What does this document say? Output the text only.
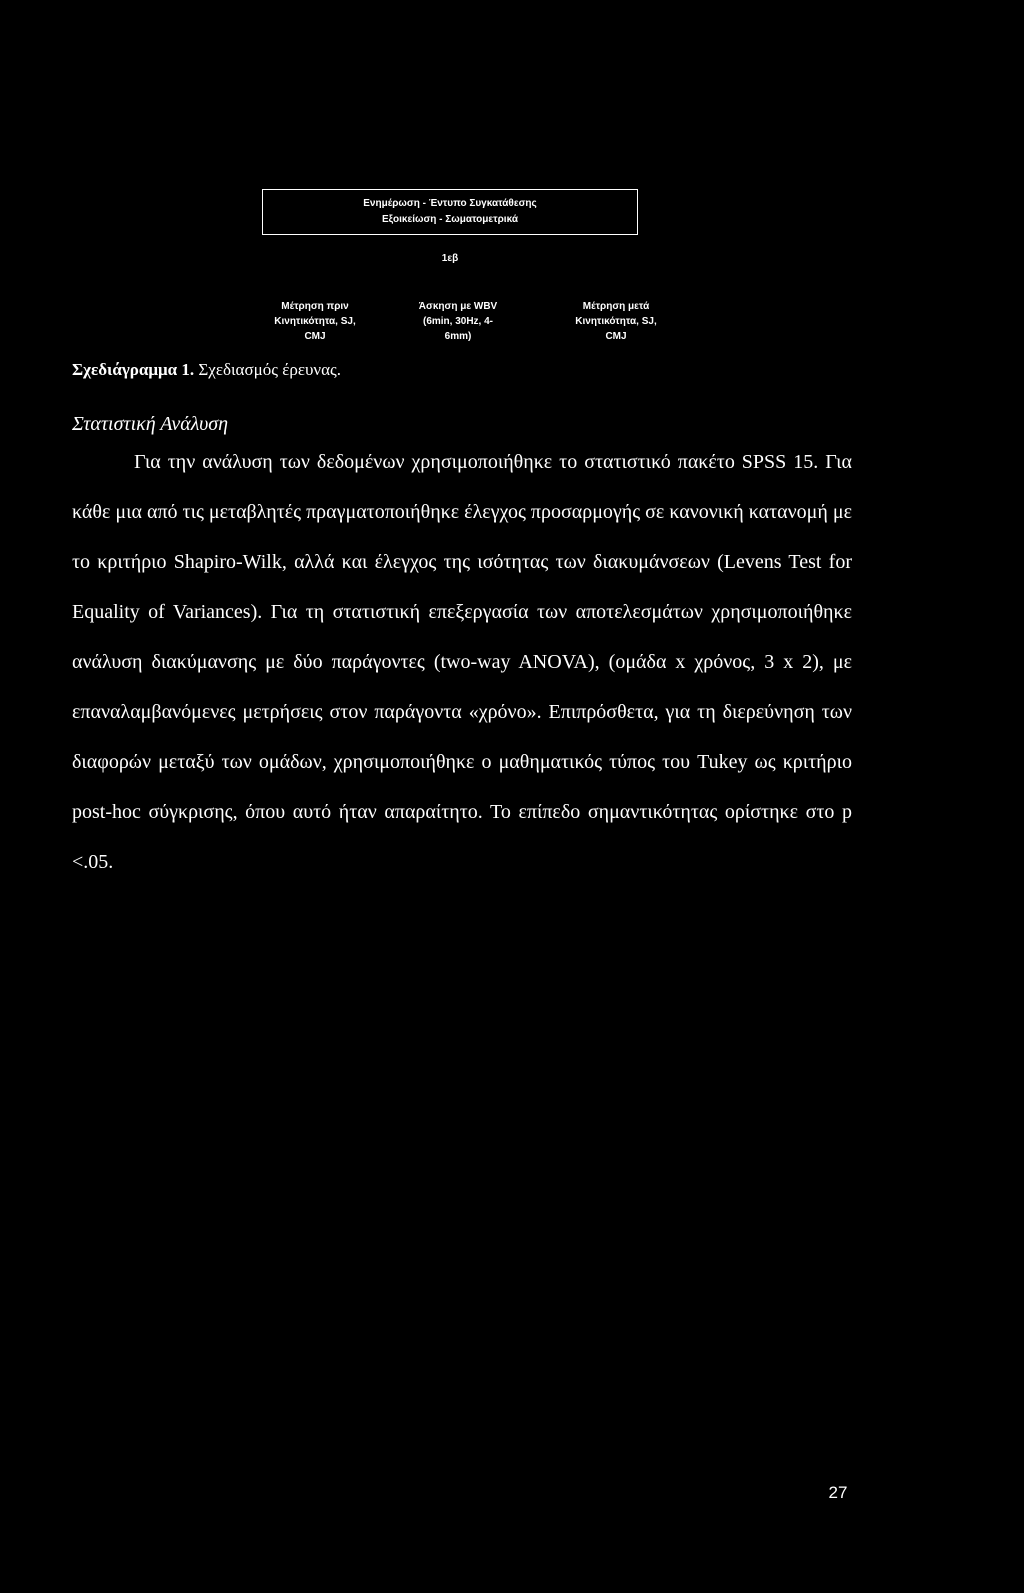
Ενημέρωση - Έντυπο Συγκατάθεσης
Εξοικείωση - Σωματομετρικά
1εβ
Μέτρηση πριν
Κινητικότητα, SJ,
CMJ
Άσκηση με WBV
(6min, 30Hz, 4-
6mm)
Μέτρηση μετά
Κινητικότητα, SJ,
CMJ
Σχεδιάγραμμα 1. Σχεδιασμός έρευνας.
Στατιστική Ανάλυση

Για την ανάλυση των δεδομένων χρησιμοποιήθηκε το στατιστικό πακέτο SPSS 15. Για κάθε μια από τις μεταβλητές πραγματοποιήθηκε έλεγχος προσαρμογής σε κανονική κατανομή με το κριτήριο Shapiro-Wilk, αλλά και έλεγχος της ισότητας των διακυμάνσεων (Levens Test for Equality of Variances). Για τη στατιστική επεξεργασία των αποτελεσμάτων χρησιμοποιήθηκε ανάλυση διακύμανσης με δύο παράγοντες (two-way ANOVA), (ομάδα x χρόνος, 3 x 2), με επαναλαμβανόμενες μετρήσεις στον παράγοντα «χρόνο». Επιπρόσθετα, για τη διερεύνηση των διαφορών μεταξύ των ομάδων, χρησιμοποιήθηκε ο μαθηματικός τύπος του Tukey ως κριτήριο post-hoc σύγκρισης, όπου αυτό ήταν απαραίτητο. Το επίπεδο σημαντικότητας ορίστηκε στο p <.05.

27
